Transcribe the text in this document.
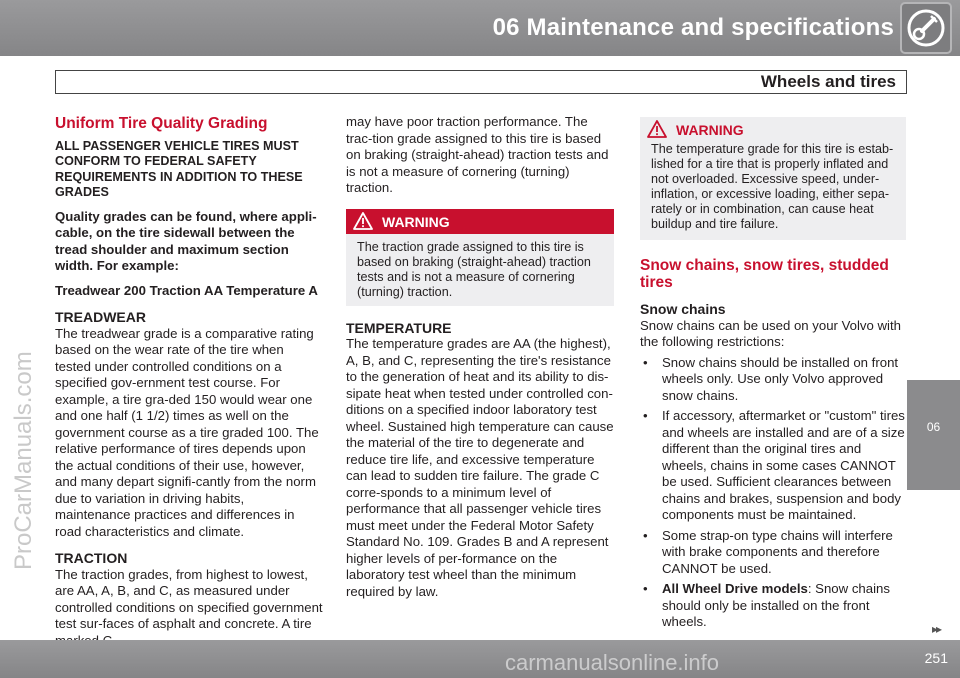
06 Maintenance and specifications
Wheels and tires
06
ProCarManuals.com

Uniform Tire Quality Grading

ALL PASSENGER VEHICLE TIRES MUST CONFORM TO FEDERAL SAFETY REQUIREMENTS IN ADDITION TO THESE GRADES

Quality grades can be found, where appli-cable, on the tire sidewall between the tread shoulder and maximum section width. For example:

Treadwear 200 Traction AA Temperature A

TREADWEAR

The treadwear grade is a comparative rating based on the wear rate of the tire when tested under controlled conditions on a specified gov-ernment test course. For example, a tire gra-ded 150 would wear one and one half (1 1/2) times as well on the government course as a tire graded 100. The relative performance of tires depends upon the actual conditions of their use, however, and many depart signifi-cantly from the norm due to variation in driving habits, maintenance practices and differences in road characteristics and climate.

TRACTION

The traction grades, from highest to lowest, are AA, A, B, and C, as measured under controlled conditions on specified government test sur-faces of asphalt and concrete. A tire

may have poor traction performance. The trac-tion grade assigned to this tire is based on braking (straight-ahead) traction tests and is not a measure of cornering (turning) traction.

WARNING
The traction grade assigned to this tire is based on braking (straight-ahead) traction tests and is not a measure of cornering (turning) traction.

TEMPERATURE

The temperature grades are AA (the highest), A, B, and C, representing the tire's resistance to the generation of heat and its ability to dis-sipate heat when tested under controlled con-ditions on a specified indoor laboratory test wheel. Sustained high temperature can cause the material of the tire to degenerate and reduce tire life, and excessive temperature can lead to sudden tire failure. The grade C corre-sponds to a minimum level of performance that all passenger vehicle tires must meet under the Federal Motor Safety Standard No. 109. Grades B and A represent higher levels of per-formance on the laboratory test wheel than the minimum required by law.

WARNING
The temperature grade for this tire is estab-lished for a tire that is properly inflated and not overloaded. Excessive speed, under-inflation, or excessive loading, either sepa-rately or in combination, can cause heat buildup and tire failure.

Snow chains, snow tires, studded tires

Snow chains

Snow chains can be used on your Volvo with the following restrictions:

• Snow chains should be installed on front wheels only. Use only Volvo approved snow chains.
• If accessory, aftermarket or "custom" tires and wheels are installed and are of a size different than the original tires and wheels, chains in some cases CANNOT be used. Sufficient clearances between chains and brakes, suspension and body components must be maintained.
• Some strap-on type chains will interfere with brake components and therefore CANNOT be used.
• All Wheel Drive models: Snow chains should only be installed on the front wheels.	▸▸
251
carmanualsonline.info
